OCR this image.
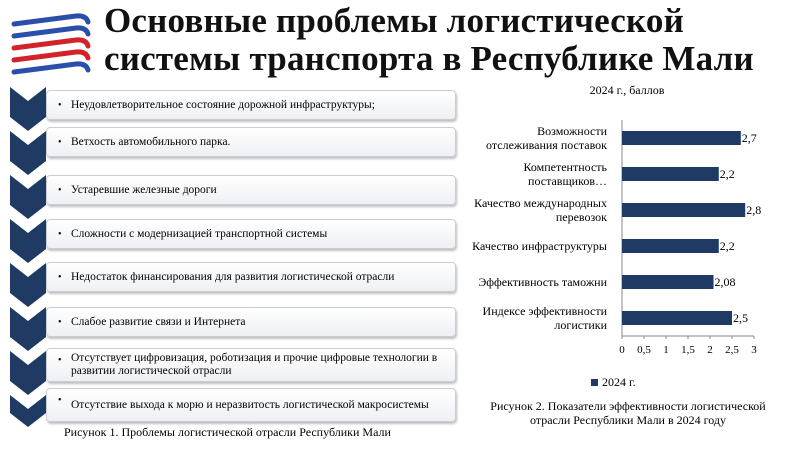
Основные проблемы логистической
системы транспорта в Республике Мали
• Неудовлетворительное состояние дорожной инфраструктуры;
• Ветхость автомобильного парка.
• Устаревшие железные дороги
• Сложности с модернизацией транспортной системы
• Недостаток финансирования для развития логистической отрасли
• Слабое развитие связи и Интернета
• Отсутствует цифровизация, роботизация и прочие цифровые технологии в развитии логистической отрасли
• Отсутствие выхода к морю и неразвитость логистической макросистемы
Рисунок 1. Проблемы логистической отрасли Республики Мали
2024 г., баллов
0 0,5 1 1,5 2 2,5 3
2,5
Индексе эффективности логистики
2,08
Эффективность таможни
2,2
Качество инфраструктуры
2,8
Качество международных перевозок
2,2
Компетентность поставщиков…
2,7
Возможности отслеживания поставок
2024 г.
Рисунок 2. Показатели эффективности логистической отрасли Республики Мали в 2024 году
